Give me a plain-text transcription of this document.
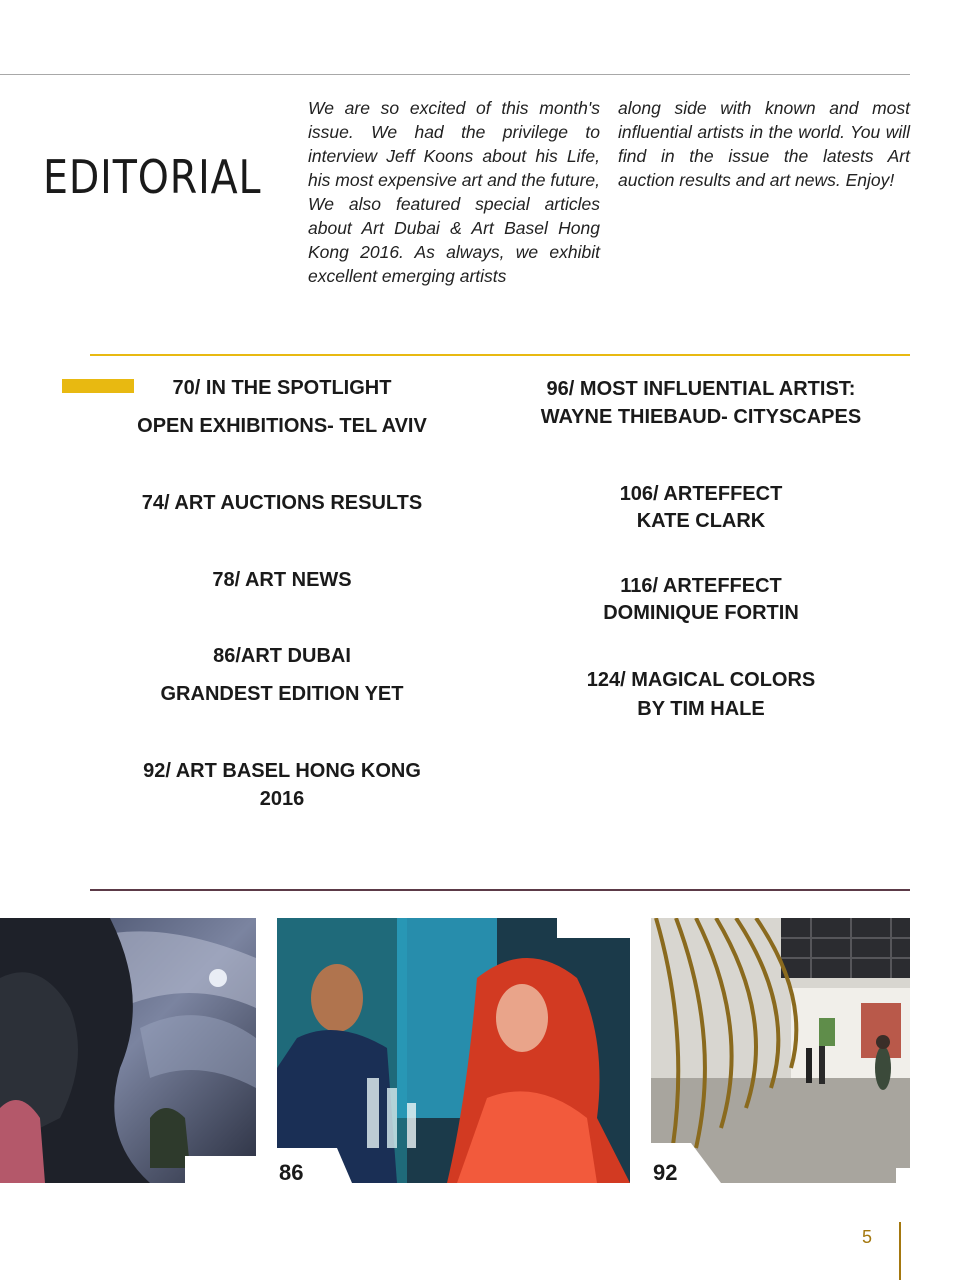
EDITORIAL
We are so excited of this month's issue. We had the privilege to interview Jeff Koons about his Life, his most expensive art and the future, We also featured special articles about Art Dubai & Art Basel Hong Kong 2016. As always, we exhibit excellent emerging artists
along side with known and most influential artists in the world. You will find in the issue the latests Art auction results and art news. Enjoy!
70/ IN THE SPOTLIGHT
OPEN EXHIBITIONS- TEL AVIV
74/ ART AUCTIONS RESULTS
78/ ART NEWS
86/ART DUBAI
GRANDEST EDITION YET
92/ ART BASEL HONG KONG
2016
96/ MOST INFLUENTIAL ARTIST:
WAYNE THIEBAUD- CITYSCAPES
106/ ARTEFFECT
KATE CLARK
116/ ARTEFFECT
DOMINIQUE FORTIN
124/ MAGICAL COLORS
BY TIM HALE
86	92
5
